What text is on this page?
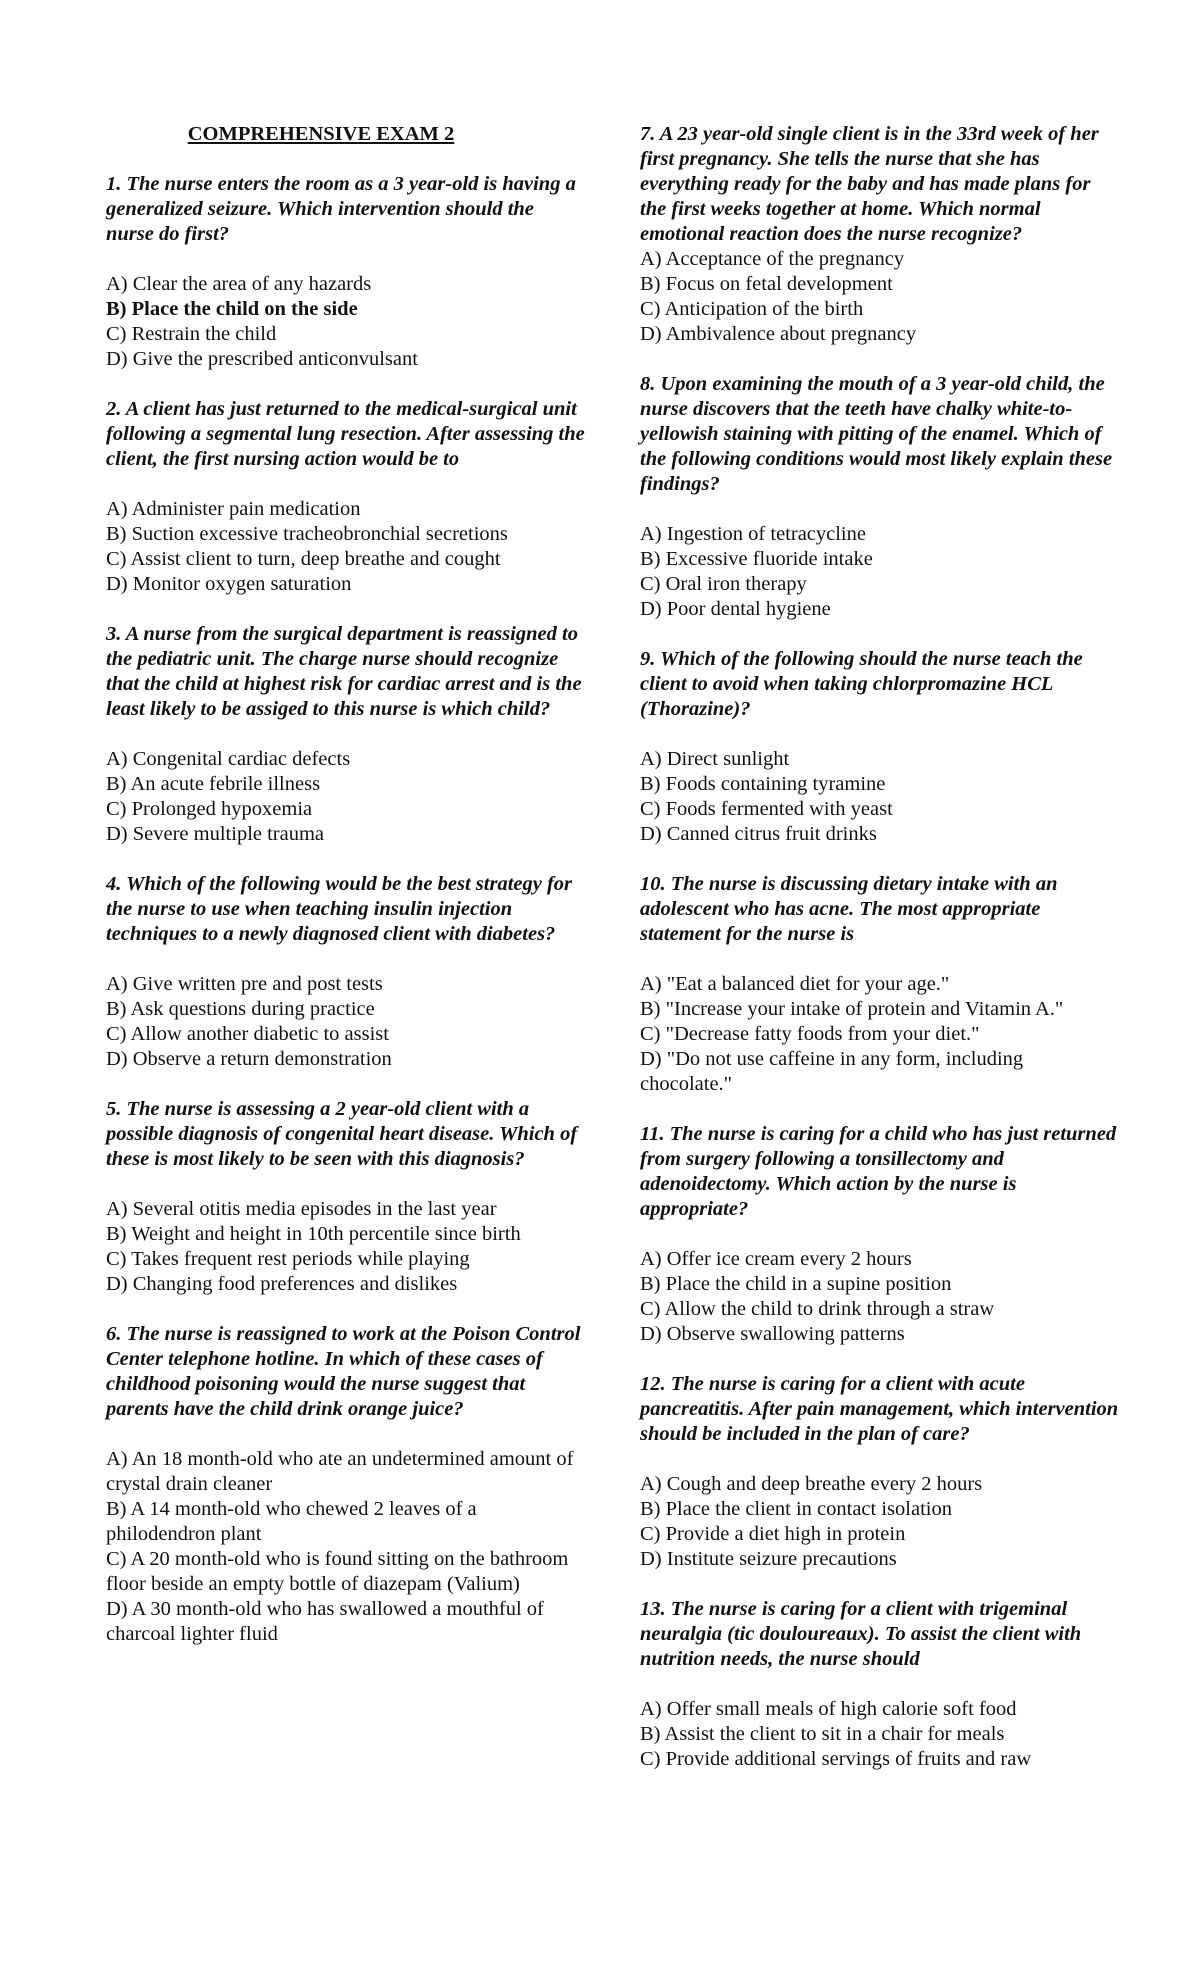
COMPREHENSIVE EXAM 2
1. The nurse enters the room as a 3 year-old is having a generalized seizure. Which intervention should the nurse do first?
A) Clear the area of any hazards
B) Place the child on the side
C) Restrain the child
D) Give the prescribed anticonvulsant
2. A client has just returned to the medical-surgical unit following a segmental lung resection. After assessing the client, the first nursing action would be to
A) Administer pain medication
B) Suction excessive tracheobronchial secretions
C) Assist client to turn, deep breathe and cought
D) Monitor oxygen saturation
3. A nurse from the surgical department is reassigned to the pediatric unit. The charge nurse should recognize that the child at highest risk for cardiac arrest and is the least likely to be assiged to this nurse is which child?
A) Congenital cardiac defects
B) An acute febrile illness
C) Prolonged hypoxemia
D) Severe multiple trauma
4. Which of the following would be the best strategy for the nurse to use when teaching insulin injection techniques to a newly diagnosed client with diabetes?
A) Give written pre and post tests
B) Ask questions during practice
C) Allow another diabetic to assist
D) Observe a return demonstration
5. The nurse is assessing a 2 year-old client with a possible diagnosis of congenital heart disease. Which of these is most likely to be seen with this diagnosis?
A) Several otitis media episodes in the last year
B) Weight and height in 10th percentile since birth
C) Takes frequent rest periods while playing
D) Changing food preferences and dislikes
6. The nurse is reassigned to work at the Poison Control Center telephone hotline. In which of these cases of childhood poisoning would the nurse suggest that parents have the child drink orange juice?
A) An 18 month-old who ate an undetermined amount of crystal drain cleaner
B) A 14 month-old who chewed 2 leaves of a philodendron plant
C) A 20 month-old who is found sitting on the bathroom floor beside an empty bottle of diazepam (Valium)
D) A 30 month-old who has swallowed a mouthful of charcoal lighter fluid
7. A 23 year-old single client is in the 33rd week of her first pregnancy. She tells the nurse that she has everything ready for the baby and has made plans for the first weeks together at home. Which normal emotional reaction does the nurse recognize?
A) Acceptance of the pregnancy
B) Focus on fetal development
C) Anticipation of the birth
D) Ambivalence about pregnancy
8. Upon examining the mouth of a 3 year-old child, the nurse discovers that the teeth have chalky white-to-yellowish staining with pitting of the enamel. Which of the following conditions would most likely explain these findings?
A) Ingestion of tetracycline
B) Excessive fluoride intake
C) Oral iron therapy
D) Poor dental hygiene
9. Which of the following should the nurse teach the client to avoid when taking chlorpromazine HCL (Thorazine)?
A) Direct sunlight
B) Foods containing tyramine
C) Foods fermented with yeast
D) Canned citrus fruit drinks
10. The nurse is discussing dietary intake with an adolescent who has acne. The most appropriate statement for the nurse is
A) "Eat a balanced diet for your age."
B) "Increase your intake of protein and Vitamin A."
C) "Decrease fatty foods from your diet."
D) "Do not use caffeine in any form, including chocolate."
11. The nurse is caring for a child who has just returned from surgery following a tonsillectomy and adenoidectomy. Which action by the nurse is appropriate?
A) Offer ice cream every 2 hours
B) Place the child in a supine position
C) Allow the child to drink through a straw
D) Observe swallowing patterns
12. The nurse is caring for a client with acute pancreatitis. After pain management, which intervention should be included in the plan of care?
A) Cough and deep breathe every 2 hours
B) Place the client in contact isolation
C) Provide a diet high in protein
D) Institute seizure precautions
13. The nurse is caring for a client with trigeminal neuralgia (tic douloureaux). To assist the client with nutrition needs, the nurse should
A) Offer small meals of high calorie soft food
B) Assist the client to sit in a chair for meals
C) Provide additional servings of fruits and raw
